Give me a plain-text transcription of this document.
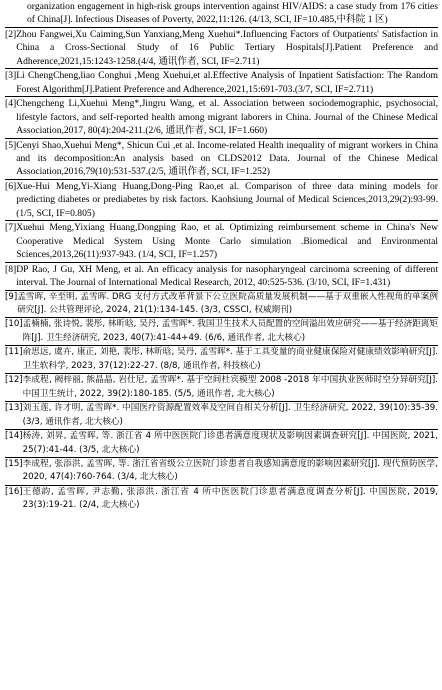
organization engagement in high-risk groups intervention against HIV/AIDS: a case study from 176 cities of China[J]. Infectious Diseases of Poverty, 2022,11:126. (4/13, SCI, IF=10.485,中科院 1 区)
[2] Zhou Fangwei,Xu Caiming,Sun Yanxiang,Meng Xuehui*.Influencing Factors of Outpatients' Satisfaction in China a Cross-Sectional Study of 16 Public Tertiary Hospitals[J].Patient Preference and Adherence,2021,15:1243-1258.(4/4, 通讯作者, SCI, IF=2.711)
[3] Li ChengCheng,liao Conghui ,Meng Xuehui,et al.Effective Analysis of Inpatient Satisfaction: The Random Forest Algorithm[J].Patient Preference and Adherence,2021,15:691-703.(3/7, SCI, IF=2.711)
[4] Chengcheng Li,Xuehui Meng*,Jingru Wang, et al. Association between sociodemographic, psychosocial, lifestyle factors, and self-reported health among migrant laborers in China. Journal of the Chinese Medical Association,2017, 80(4):204-211.(2/6, 通讯作者, SCI, IF=1.660)
[5] Cenyi Shao,Xuehui Meng*, Shicun Cui ,et al. Income-related Health inequality of migrant workers in China and its decomposition:An analysis based on CLDS2012 Data. Journal of the Chinese Medical Association,2016,79(10):531-537.(2/5, 通讯作者, SCI, IF=1.252)
[6] Xue-Hui Meng,Yi-Xiang Huang,Dong-Ping Rao,et al. Comparison of three data mining models for predicting diabetes or prediabetes by risk factors. Kaohsiung Journal of Medical Sciences,2013,29(2):93-99. (1/5, SCI, IF=0.805)
[7] Xuehui Meng,Yixiang Huang,Dongping Rao, et al. Optimizing reimbursement scheme in China's New Cooperative Medical System Using Monte Carlo simulation .Biomedical and Environmental Sciences,2013,26(11):937-943. (1/4, SCI, IF=1.257)
[8] DP Rao, J Gu, XH Meng, et al. An efficacy analysis for nasopharyngeal carcinoma screening of different interval. The Journal of International Medical Research, 2012, 40:525-536. (3/10, SCI, IF=1.431)
[9] 孟雪晖, 辛至明, 孟雪晖. DRG 支付方式改革背景下公立医院高质量发展机制——基于双重嵌入性视角的单案例研究[J]. 公共管理评论, 2024, 21(1):134-145. (3/3, CSSCI, 权威期刊)
[10] 孟楠楠, 张诗悦, 裴彤, 林昕晗, 吴丹, 孟雪晖*. 我国卫生技术人员配置的空间溢出效应研究——基于经济距离矩阵[J]. 卫生经济研究, 2023, 40(7):41-44+49. (6/6, 通讯作者, 北大核心)
[11] 俞思远, 虞卉, 康正, 刘艳, 裴彤, 林昕晗, 吴丹, 孟雪晖*. 基于工具变量的商业健康保险对健康绩效影响研究[J]. 卫生软科学, 2023, 37(12):22-27. (8/8, 通讯作者, 科技核心)
[12] 李成程, 阙梓丽, 熊晶晶, 岩仕尼, 孟雪晖*. 基于空间杜宾模型 2008 -2018 年中国执业医师时空分异研究[J]. 中国卫生统计, 2022, 39(2):180-185. (5/5, 通讯作者, 北大核心)
[13] 刘玉莲, 许才明, 孟雪晖*. 中国医疗资源配置效率及空间自相关分析[J]. 卫生经济研究, 2022, 39(10):35-39. (3/3, 通讯作者, 北大核心)
[14] 杨涛, 刘昇, 孟雪晖, 等. 浙江省 4 所中医医院门诊患者满意度现状及影响因素调查研究[J]. 中国医院, 2021, 25(7):41-44. (3/5, 北大核心)
[15] 李成程, 张添洪, 孟雪晖, 等. 浙江省省级公立医院门诊患者自我感知满意度的影响因素研究[J]. 现代预防医学, 2020, 47(4):760-764. (3/4, 北大核心)
[16] 王德韵, 孟雪晖, 尹志勤, 张添洪. 浙江省 4 所中医医院门诊患者满意度调查分析[J]. 中国医院, 2019, 23(3):19-21. (2/4, 北大核心)
